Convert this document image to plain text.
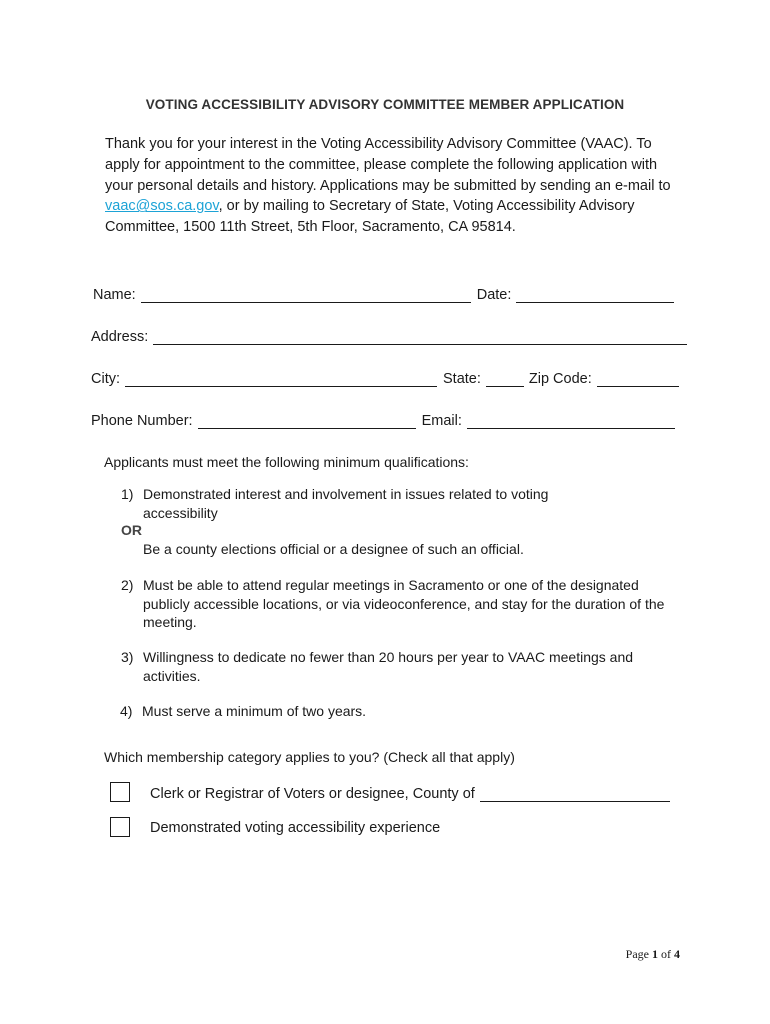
VOTING ACCESSIBILITY ADVISORY COMMITTEE MEMBER APPLICATION
Thank you for your interest in the Voting Accessibility Advisory Committee (VAAC). To apply for appointment to the committee, please complete the following application with your personal details and history. Applications may be submitted by sending an e-mail to vaac@sos.ca.gov, or by mailing to Secretary of State, Voting Accessibility Advisory Committee, 1500 11th Street, 5th Floor, Sacramento, CA 95814.
Name:	Date:
Address:
City:	State:	Zip Code:
Phone Number:	Email:
Applicants must meet the following minimum qualifications:
1) Demonstrated interest and involvement in issues related to voting accessibility
OR
Be a county elections official or a designee of such an official.
2) Must be able to attend regular meetings in Sacramento or one of the designated publicly accessible locations, or via videoconference, and stay for the duration of the meeting.
3) Willingness to dedicate no fewer than 20 hours per year to VAAC meetings and activities.
4) Must serve a minimum of two years.
Which membership category applies to you? (Check all that apply)
Clerk or Registrar of Voters or designee, County of
Demonstrated voting accessibility experience
Page 1 of 4
